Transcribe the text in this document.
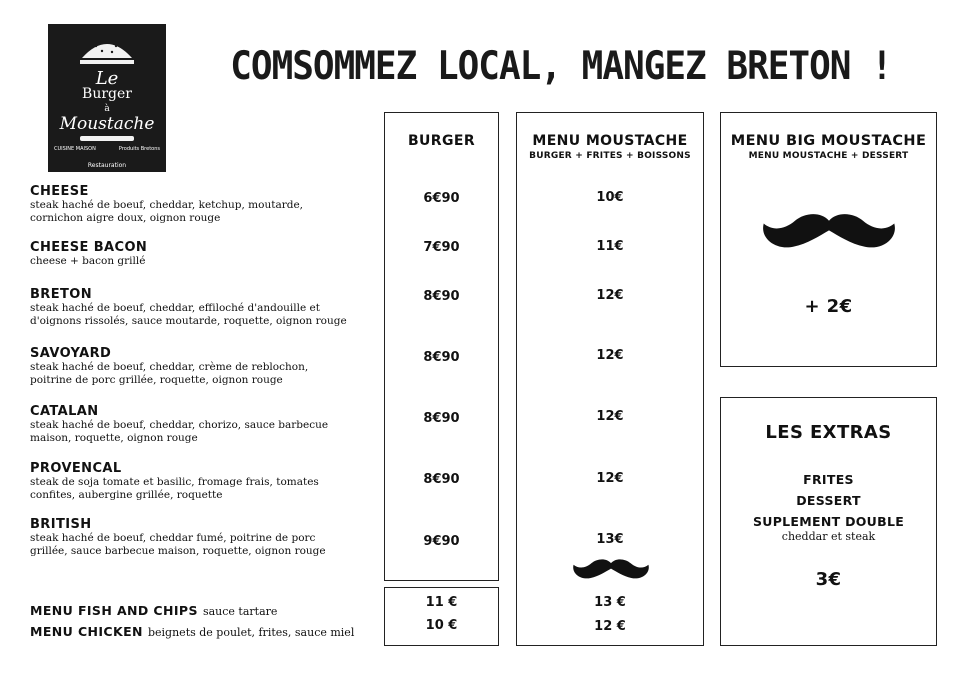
Le
Burger
à
Moustache
CUISINE MAISON	Produits Bretons
Restauration
COMSOMMEZ LOCAL, MANGEZ BRETON !
CHEESE
steak haché de boeuf, cheddar, ketchup, moutarde,
cornichon aigre doux, oignon rouge
CHEESE BACON
cheese + bacon grillé
BRETON
steak haché de boeuf, cheddar, effiloché d'andouille et
d'oignons rissolés, sauce moutarde, roquette, oignon rouge
SAVOYARD
steak haché de boeuf, cheddar, crème de reblochon,
poitrine de porc grillée, roquette, oignon rouge
CATALAN
steak haché de boeuf, cheddar, chorizo, sauce barbecue
maison, roquette, oignon rouge
PROVENCAL
steak de soja tomate et basilic, fromage frais, tomates
confites, aubergine grillée, roquette
BRITISH
steak haché de boeuf, cheddar fumé, poitrine de porc
grillée, sauce barbecue maison, roquette, oignon rouge
BURGER
6€90
7€90
8€90
8€90
8€90
8€90
9€90
11 €
10 €
MENU MOUSTACHE
BURGER + FRITES + BOISSONS
10€
11€
12€
12€
12€
12€
13€
13 €
12 €
MENU FISH AND CHIPS sauce tartare
MENU CHICKEN beignets de poulet, frites, sauce miel
MENU BIG MOUSTACHE
MENU MOUSTACHE + DESSERT
+ 2€
LES EXTRAS
FRITES
DESSERT
SUPLEMENT DOUBLE
cheddar et steak
3€
